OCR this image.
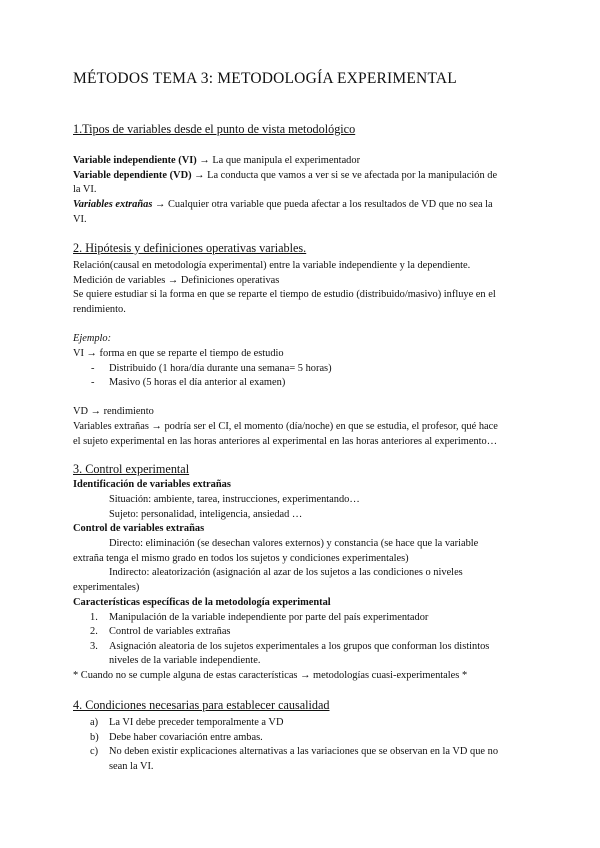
MÉTODOS TEMA 3: METODOLOGÍA EXPERIMENTAL
1.Tipos de variables desde el punto de vista metodológico
Variable independiente (VI) → La que manipula el experimentador
Variable dependiente (VD) → La conducta que vamos a ver si se ve afectada por la manipulación de
la VI.
Variables extrañas → Cualquier otra variable que pueda afectar a los resultados de VD que no sea la
VI.
2. Hipótesis y definiciones operativas variables.
Relación(causal en metodología experimental) entre la variable independiente y la dependiente.
Medición de variables → Definiciones operativas
Se quiere estudiar si la forma en que se reparte el tiempo de estudio (distribuido/masivo) influye en el
rendimiento.
Ejemplo:
VI → forma en que se reparte el tiempo de estudio
- Distribuido (1 hora/día durante una semana= 5 horas)
- Masivo (5 horas el día anterior al examen)
VD → rendimiento
Variables extrañas → podría ser el CI, el momento (día/noche) en que se estudia, el profesor, qué hace
el sujeto experimental en las horas anteriores al experimental en las horas anteriores al experimento…
3. Control experimental
Identificación de variables extrañas
Situación: ambiente, tarea, instrucciones, experimentando…
Sujeto: personalidad, inteligencia, ansiedad …
Control de variables extrañas
Directo: eliminación (se desechan valores externos) y constancia (se hace que la variable
extraña tenga el mismo grado en todos los sujetos y condiciones experimentales)
Indirecto: aleatorización (asignación al azar de los sujetos a las condiciones o niveles
experimentales)
Características específicas de la metodología experimental
1. Manipulación de la variable independiente por parte del país experimentador
2. Control de variables extrañas
3. Asignación aleatoria de los sujetos experimentales a los grupos que conforman los distintos
niveles de la variable independiente.
* Cuando no se cumple alguna de estas características → metodologías cuasi-experimentales *
4. Condiciones necesarias para establecer causalidad
a) La VI debe preceder temporalmente a VD
b) Debe haber covariación entre ambas.
c) No deben existir explicaciones alternativas a las variaciones que se observan en la VD que no
sean la VI.
